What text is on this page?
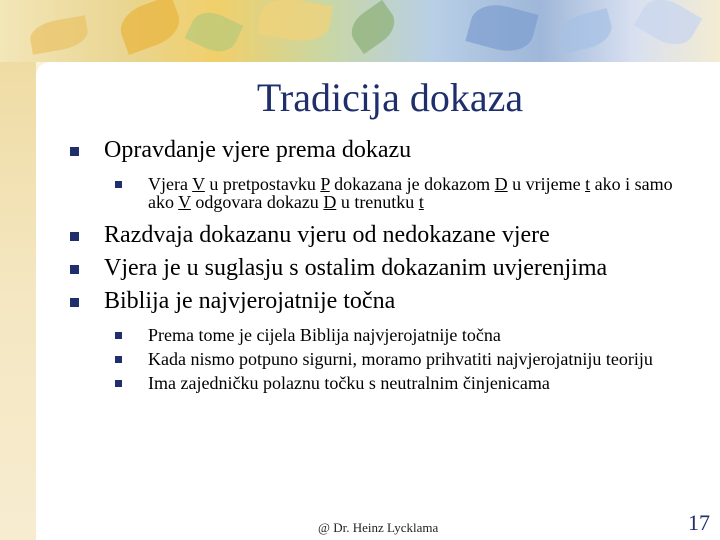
Tradicija dokaza
Opravdanje vjere prema dokazu
Vjera V u pretpostavku P dokazana je dokazom D u vrijeme t ako i samo ako V odgovara dokazu D u trenutku t
Razdvaja dokazanu vjeru od nedokazane vjere
Vjera je u suglasju s ostalim dokazanim uvjerenjima
Biblija je najvjerojatnije točna
Prema tome je cijela Biblija najvjerojatnije točna
Kada nismo potpuno sigurni, moramo prihvatiti najvjerojatniju teoriju
Ima zajedničku polaznu točku s neutralnim činjenicama
@ Dr. Heinz Lycklama	17
